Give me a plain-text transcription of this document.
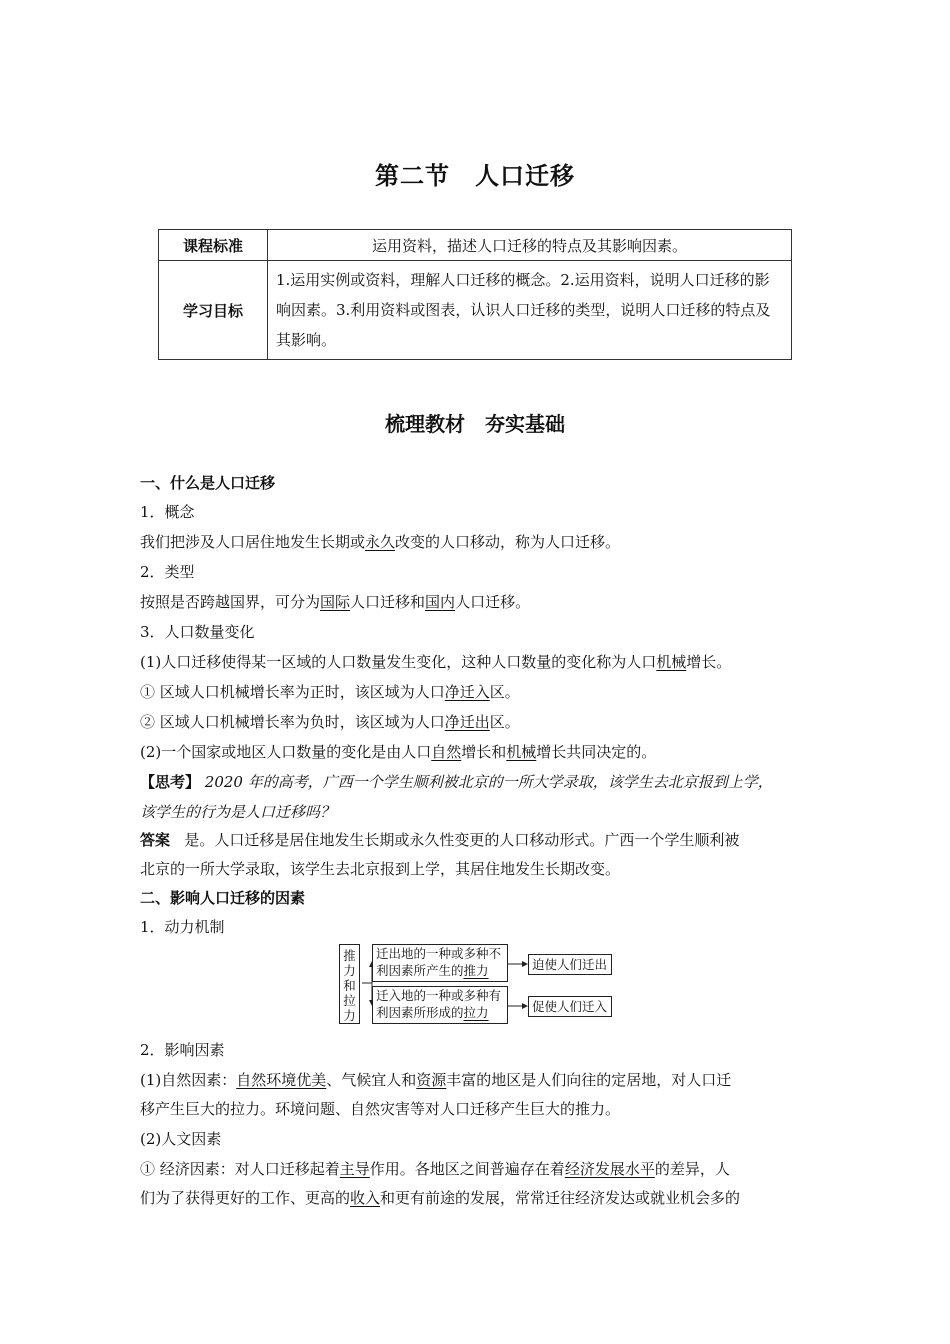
第二节　人口迁移
课程标准	运用资料，描述人口迁移的特点及其影响因素。
学习目标	1.运用实例或资料，理解人口迁移的概念。2.运用资料，说明人口迁移的影响因素。3.利用资料或图表，认识人口迁移的类型，说明人口迁移的特点及其影响。
梳理教材　夯实基础
一、什么是人口迁移
1．概念
我们把涉及人口居住地发生长期或永久改变的人口移动，称为人口迁移。
2．类型
按照是否跨越国界，可分为国际人口迁移和国内人口迁移。
3．人口数量变化
(1)人口迁移使得某一区域的人口数量发生变化，这种人口数量的变化称为人口机械增长。
① 区域人口机械增长率为正时，该区域为人口净迁入区。
② 区域人口机械增长率为负时，该区域为人口净迁出区。
(2)一个国家或地区人口数量的变化是由人口自然增长和机械增长共同决定的。
【思考】 2020 年的高考，广西一个学生顺利被北京的一所大学录取，该学生去北京报到上学，
该学生的行为是人口迁移吗？
答案 是。人口迁移是居住地发生长期或永久性变更的人口移动形式。广西一个学生顺利被
北京的一所大学录取，该学生去北京报到上学，其居住地发生长期改变。
二、影响人口迁移的因素
1．动力机制
推力和拉力
迁出地的一种或多种不
利因素所产生的推力
迁入地的一种或多种有
利因素所形成的拉力
迫使人们迁出
促使人们迁入
2．影响因素
(1)自然因素：自然环境优美、气候宜人和资源丰富的地区是人们向往的定居地，对人口迁
移产生巨大的拉力。环境问题、自然灾害等对人口迁移产生巨大的推力。
(2)人文因素
① 经济因素：对人口迁移起着主导作用。各地区之间普遍存在着经济发展水平的差异，人
们为了获得更好的工作、更高的收入和更有前途的发展，常常迁往经济发达或就业机会多的
